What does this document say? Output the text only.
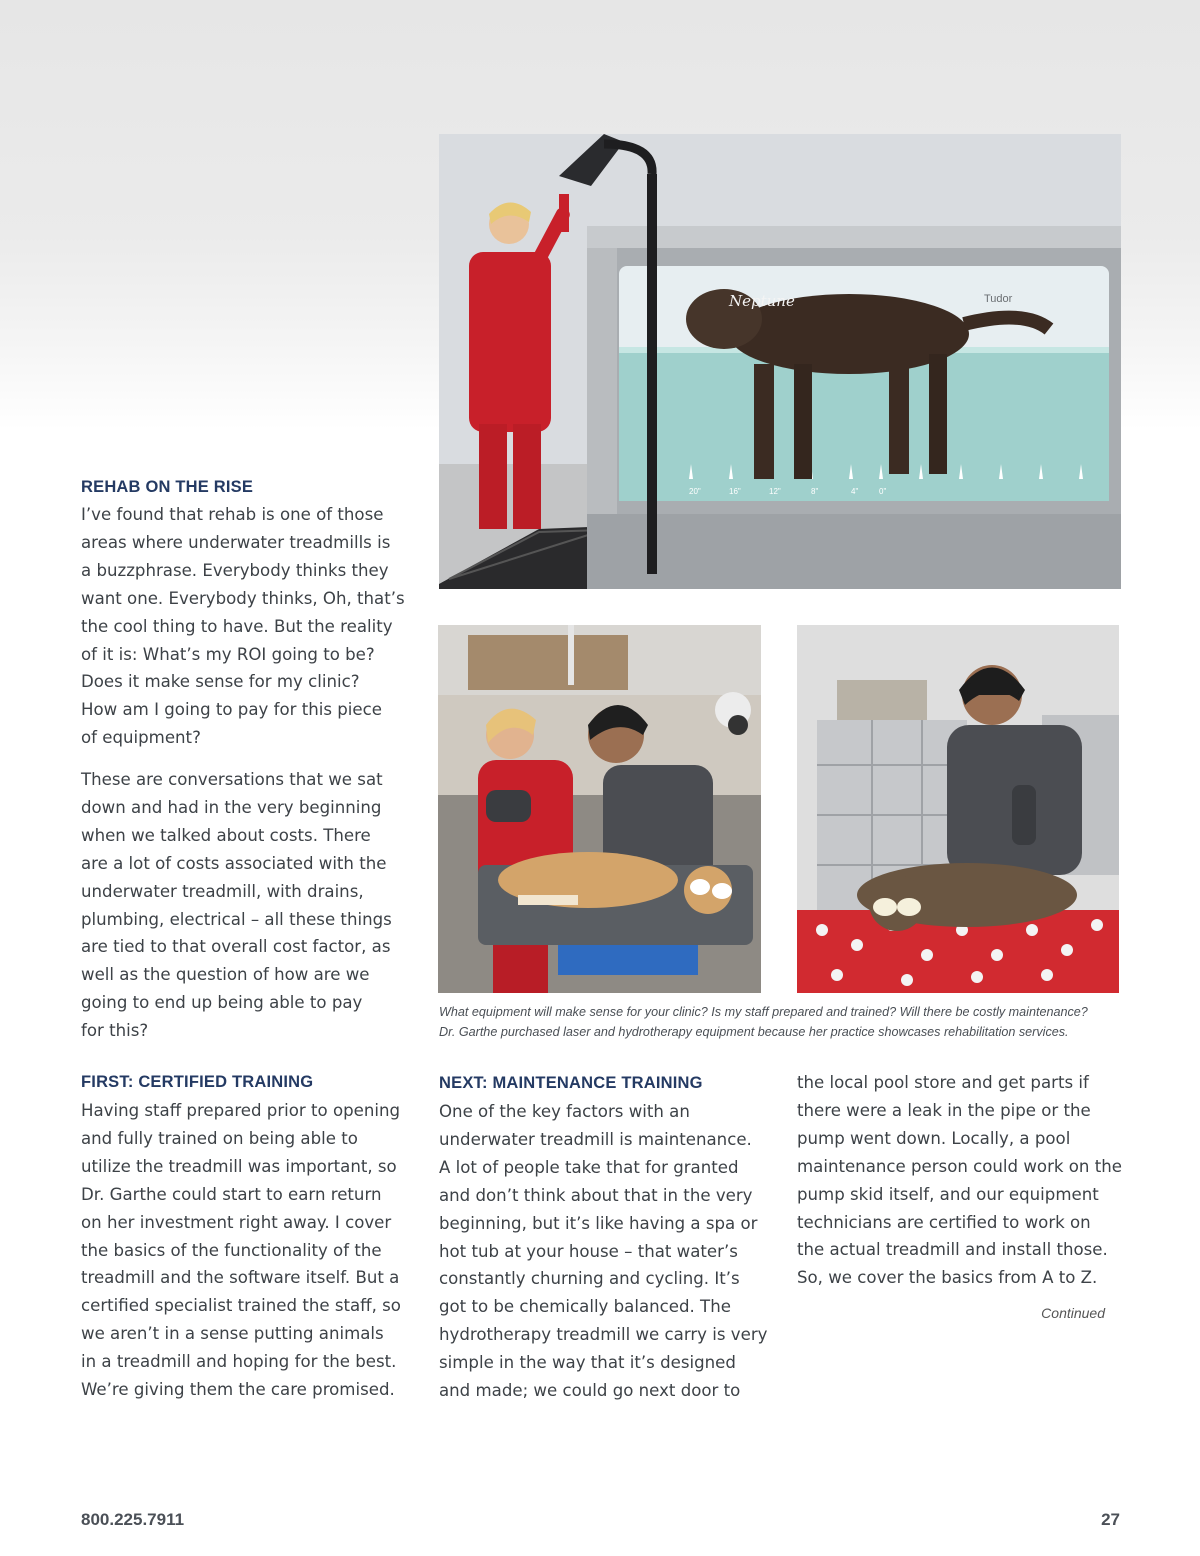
20"	16"	12"	8"	4"	0"
Neptune	Tudor
REHAB ON THE RISE

I’ve found that rehab is one of those
areas where underwater treadmills is
a buzzphrase. Everybody thinks they
want one. Everybody thinks, Oh, that’s
the cool thing to have. But the reality
of it is: What’s my ROI going to be?
Does it make sense for my clinic?
How am I going to pay for this piece
of equipment?

These are conversations that we sat
down and had in the very beginning
when we talked about costs. There
are a lot of costs associated with the
underwater treadmill, with drains,
plumbing, electrical – all these things
are tied to that overall cost factor, as
well as the question of how are we
going to end up being able to pay
for this?

FIRST: CERTIFIED TRAINING

Having staff prepared prior to opening
and fully trained on being able to
utilize the treadmill was important, so
Dr. Garthe could start to earn return
on her investment right away. I cover
the basics of the functionality of the
treadmill and the software itself. But a
certified specialist trained the staff, so
we aren’t in a sense putting animals
in a treadmill and hoping for the best.
We’re giving them the care promised.

What equipment will make sense for your clinic? Is my staff prepared and trained? Will there be costly maintenance?
Dr. Garthe purchased laser and hydrotherapy equipment because her practice showcases rehabilitation services.

NEXT: MAINTENANCE TRAINING

One of the key factors with an
underwater treadmill is maintenance.
A lot of people take that for granted
and don’t think about that in the very
beginning, but it’s like having a spa or
hot tub at your house – that water’s
constantly churning and cycling. It’s
got to be chemically balanced. The
hydrotherapy treadmill we carry is very
simple in the way that it’s designed
and made; we could go next door to

the local pool store and get parts if
there were a leak in the pipe or the
pump went down. Locally, a pool
maintenance person could work on the
pump skid itself, and our equipment
technicians are certified to work on
the actual treadmill and install those.
So, we cover the basics from A to Z.

Continued
800.225.7911	27
